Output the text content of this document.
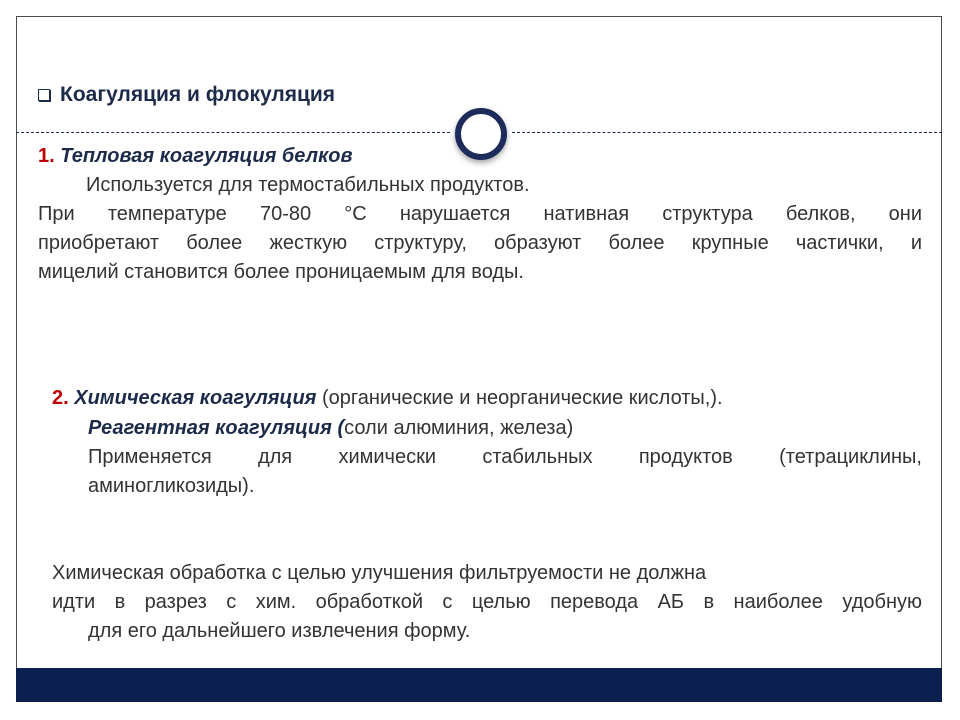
Коагуляция и флокуляция

1. Тепловая коагуляция белков

Используется для термостабильных продуктов.

При температуре 70-80 °С нарушается нативная структура белков, они

приобретают более жесткую структуру, образуют более крупные частички, и

мицелий становится более проницаемым для воды.

2. Химическая коагуляция (органические и неорганические кислоты,).

Реагентная коагуляция (соли алюминия, железа)

Применяется для химически стабильных продуктов (тетрациклины,

аминогликозиды).

Химическая обработка с целью улучшения фильтруемости не должна

идти в разрез с хим. обработкой с целью перевода АБ в наиболее удобную

для его дальнейшего извлечения форму.
